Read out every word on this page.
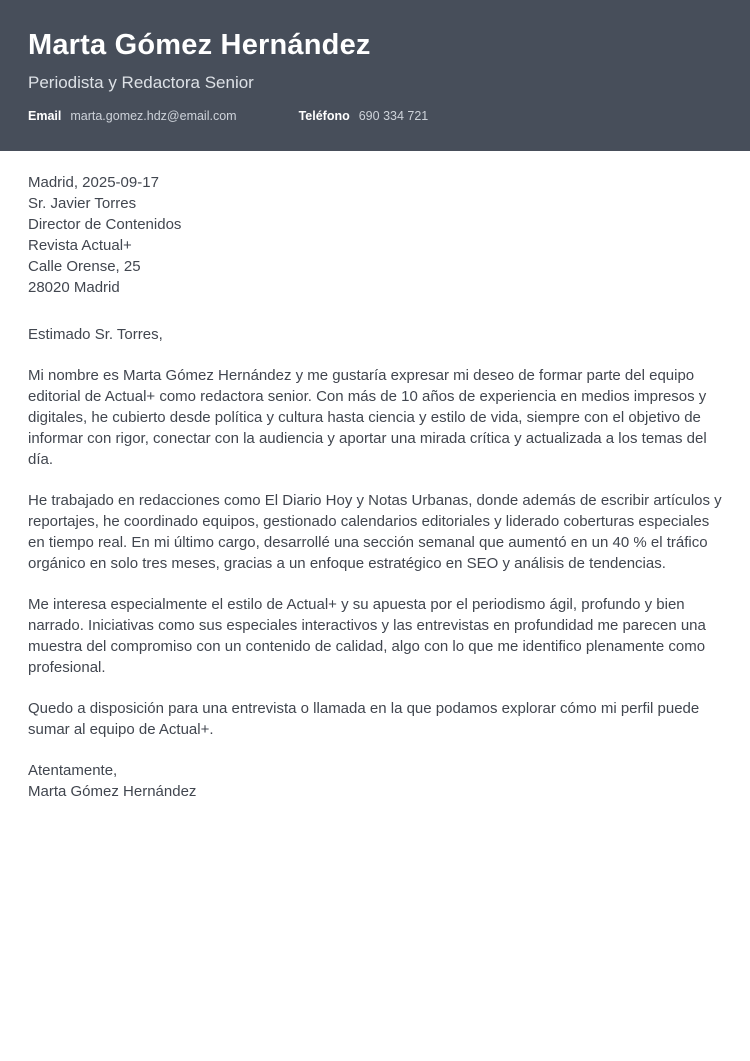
Marta Gómez Hernández

Periodista y Redactora Senior

Email marta.gomez.hdz@email.com	Teléfono 690 334 721

Madrid, 2025-09-17

Sr. Javier Torres

Director de Contenidos

Revista Actual+

Calle Orense, 25

28020 Madrid

Estimado Sr. Torres,

Mi nombre es Marta Gómez Hernández y me gustaría expresar mi deseo de formar parte del equipo editorial de Actual+ como redactora senior. Con más de 10 años de experiencia en medios impresos y digitales, he cubierto desde política y cultura hasta ciencia y estilo de vida, siempre con el objetivo de informar con rigor, conectar con la audiencia y aportar una mirada crítica y actualizada a los temas del día.

He trabajado en redacciones como El Diario Hoy y Notas Urbanas, donde además de escribir artículos y reportajes, he coordinado equipos, gestionado calendarios editoriales y liderado coberturas especiales en tiempo real. En mi último cargo, desarrollé una sección semanal que aumentó en un 40 % el tráfico orgánico en solo tres meses, gracias a un enfoque estratégico en SEO y análisis de tendencias.

Me interesa especialmente el estilo de Actual+ y su apuesta por el periodismo ágil, profundo y bien narrado. Iniciativas como sus especiales interactivos y las entrevistas en profundidad me parecen una muestra del compromiso con un contenido de calidad, algo con lo que me identifico plenamente como profesional.

Quedo a disposición para una entrevista o llamada en la que podamos explorar cómo mi perfil puede sumar al equipo de Actual+.

Atentamente,

Marta Gómez Hernández
